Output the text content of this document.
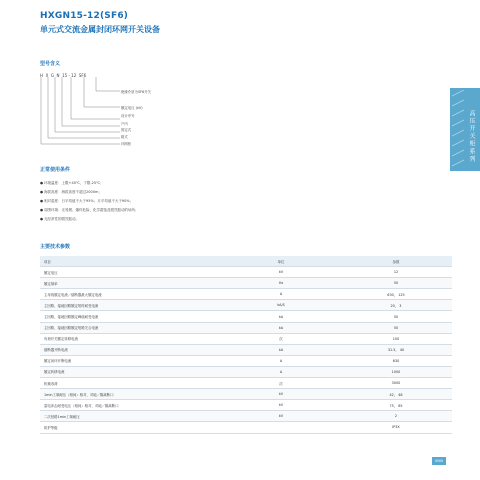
HXGN15-12(SF6)
单元式交流金属封闭环网开关设备
型号含义
H X G N 15 - 12 SF6
绝缘介质为SF6开关
额定电压 (kV)
设计序号
户内
固定式
箱式
环网柜
正常使用条件
●环境温度：上限+40℃，下限-25℃；
●海拔高度：海拔高度不超过2000m；
●相对湿度：日平均值不大于95%；月平均值不大于90%；
●周围环境：无易燃、爆炸危险、化学腐蚀及剧烈振动的场所；
●无经常性的剧烈振动。
主要技术参数
项目	单位	参数
额定电压	kV	12
额定频率	Hz	50
主母线额定电流／熔断器最大额定电流	A	630， 125
主回路、接地回路额定短时耐受电流	kA/S	20， 3
主回路、接地回路额定峰值耐受电流	kA	50
主回路、接地回路额定短路关合电流	kA	50
负荷开关额定转移电流	次	100
熔断器开断电流	kA	31.5， 40
额定闭环开断电流	A	630
额定转移电流	A	1000
机械寿命	次	3000
1min工频耐压（相间）相对、对地／隔离断口	kV	42， 48
雷电冲击耐受电压（相间）相对、对地／隔离断口	kV	75， 85
二次回路1min工频耐压	kV	2
防护等级		IP3X
高压开关柜系列
0000
